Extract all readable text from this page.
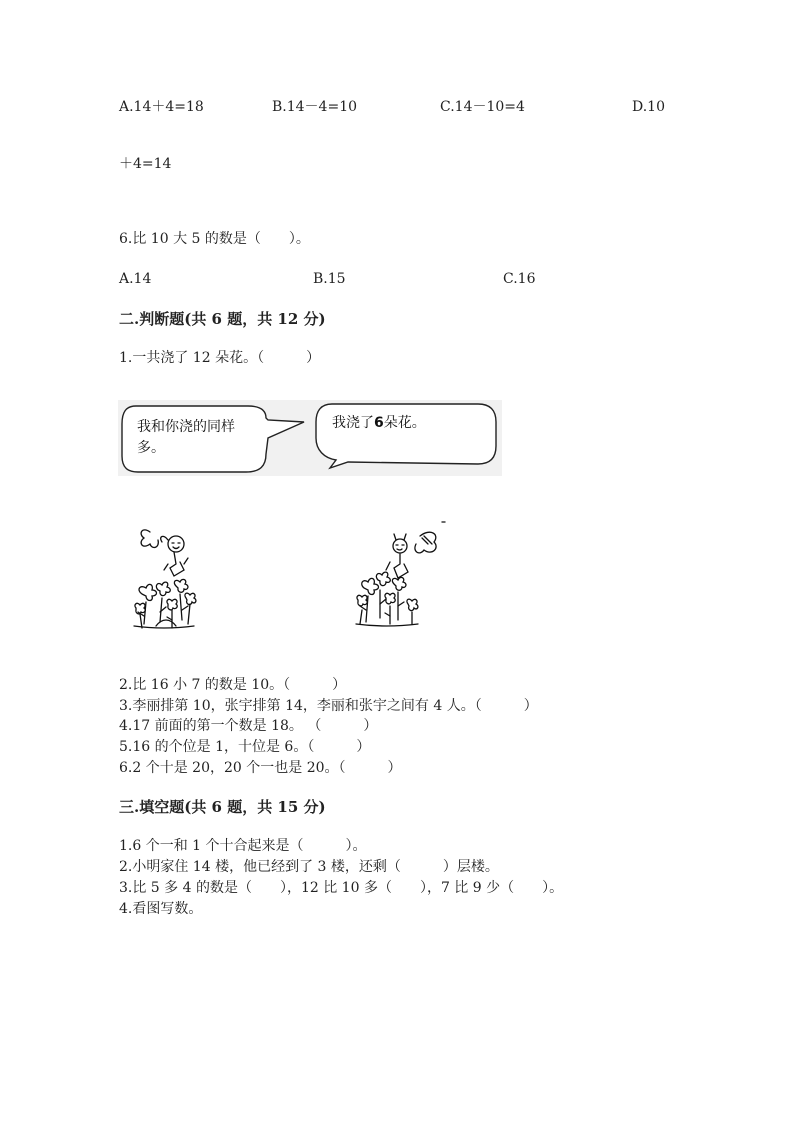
A.14＋4=18	B.14－4=10	C.14－10=4	D.10
＋4=14
6.比 10 大 5 的数是（　　）。
A.14	B.15	C.16
二.判断题(共 6 题，共 12 分)
1.一共浇了 12 朵花。（　　　）
我和你浇的同样
多。
我浇了6朵花。
2.比 16 小 7 的数是 10。（　　　）
3.李丽排第 10，张宇排第 14，李丽和张宇之间有 4 人。（　　　）
4.17 前面的第一个数是 18。 （　　　）
5.16 的个位是 1，十位是 6。（　　　）
6.2 个十是 20，20 个一也是 20。（　　　）
三.填空题(共 6 题，共 15 分)
1.6 个一和 1 个十合起来是（　　　）。
2.小明家住 14 楼，他已经到了 3 楼，还剩（　　　）层楼。
3.比 5 多 4 的数是（　　），12 比 10 多（　　），7 比 9 少（　　）。
4.看图写数。
